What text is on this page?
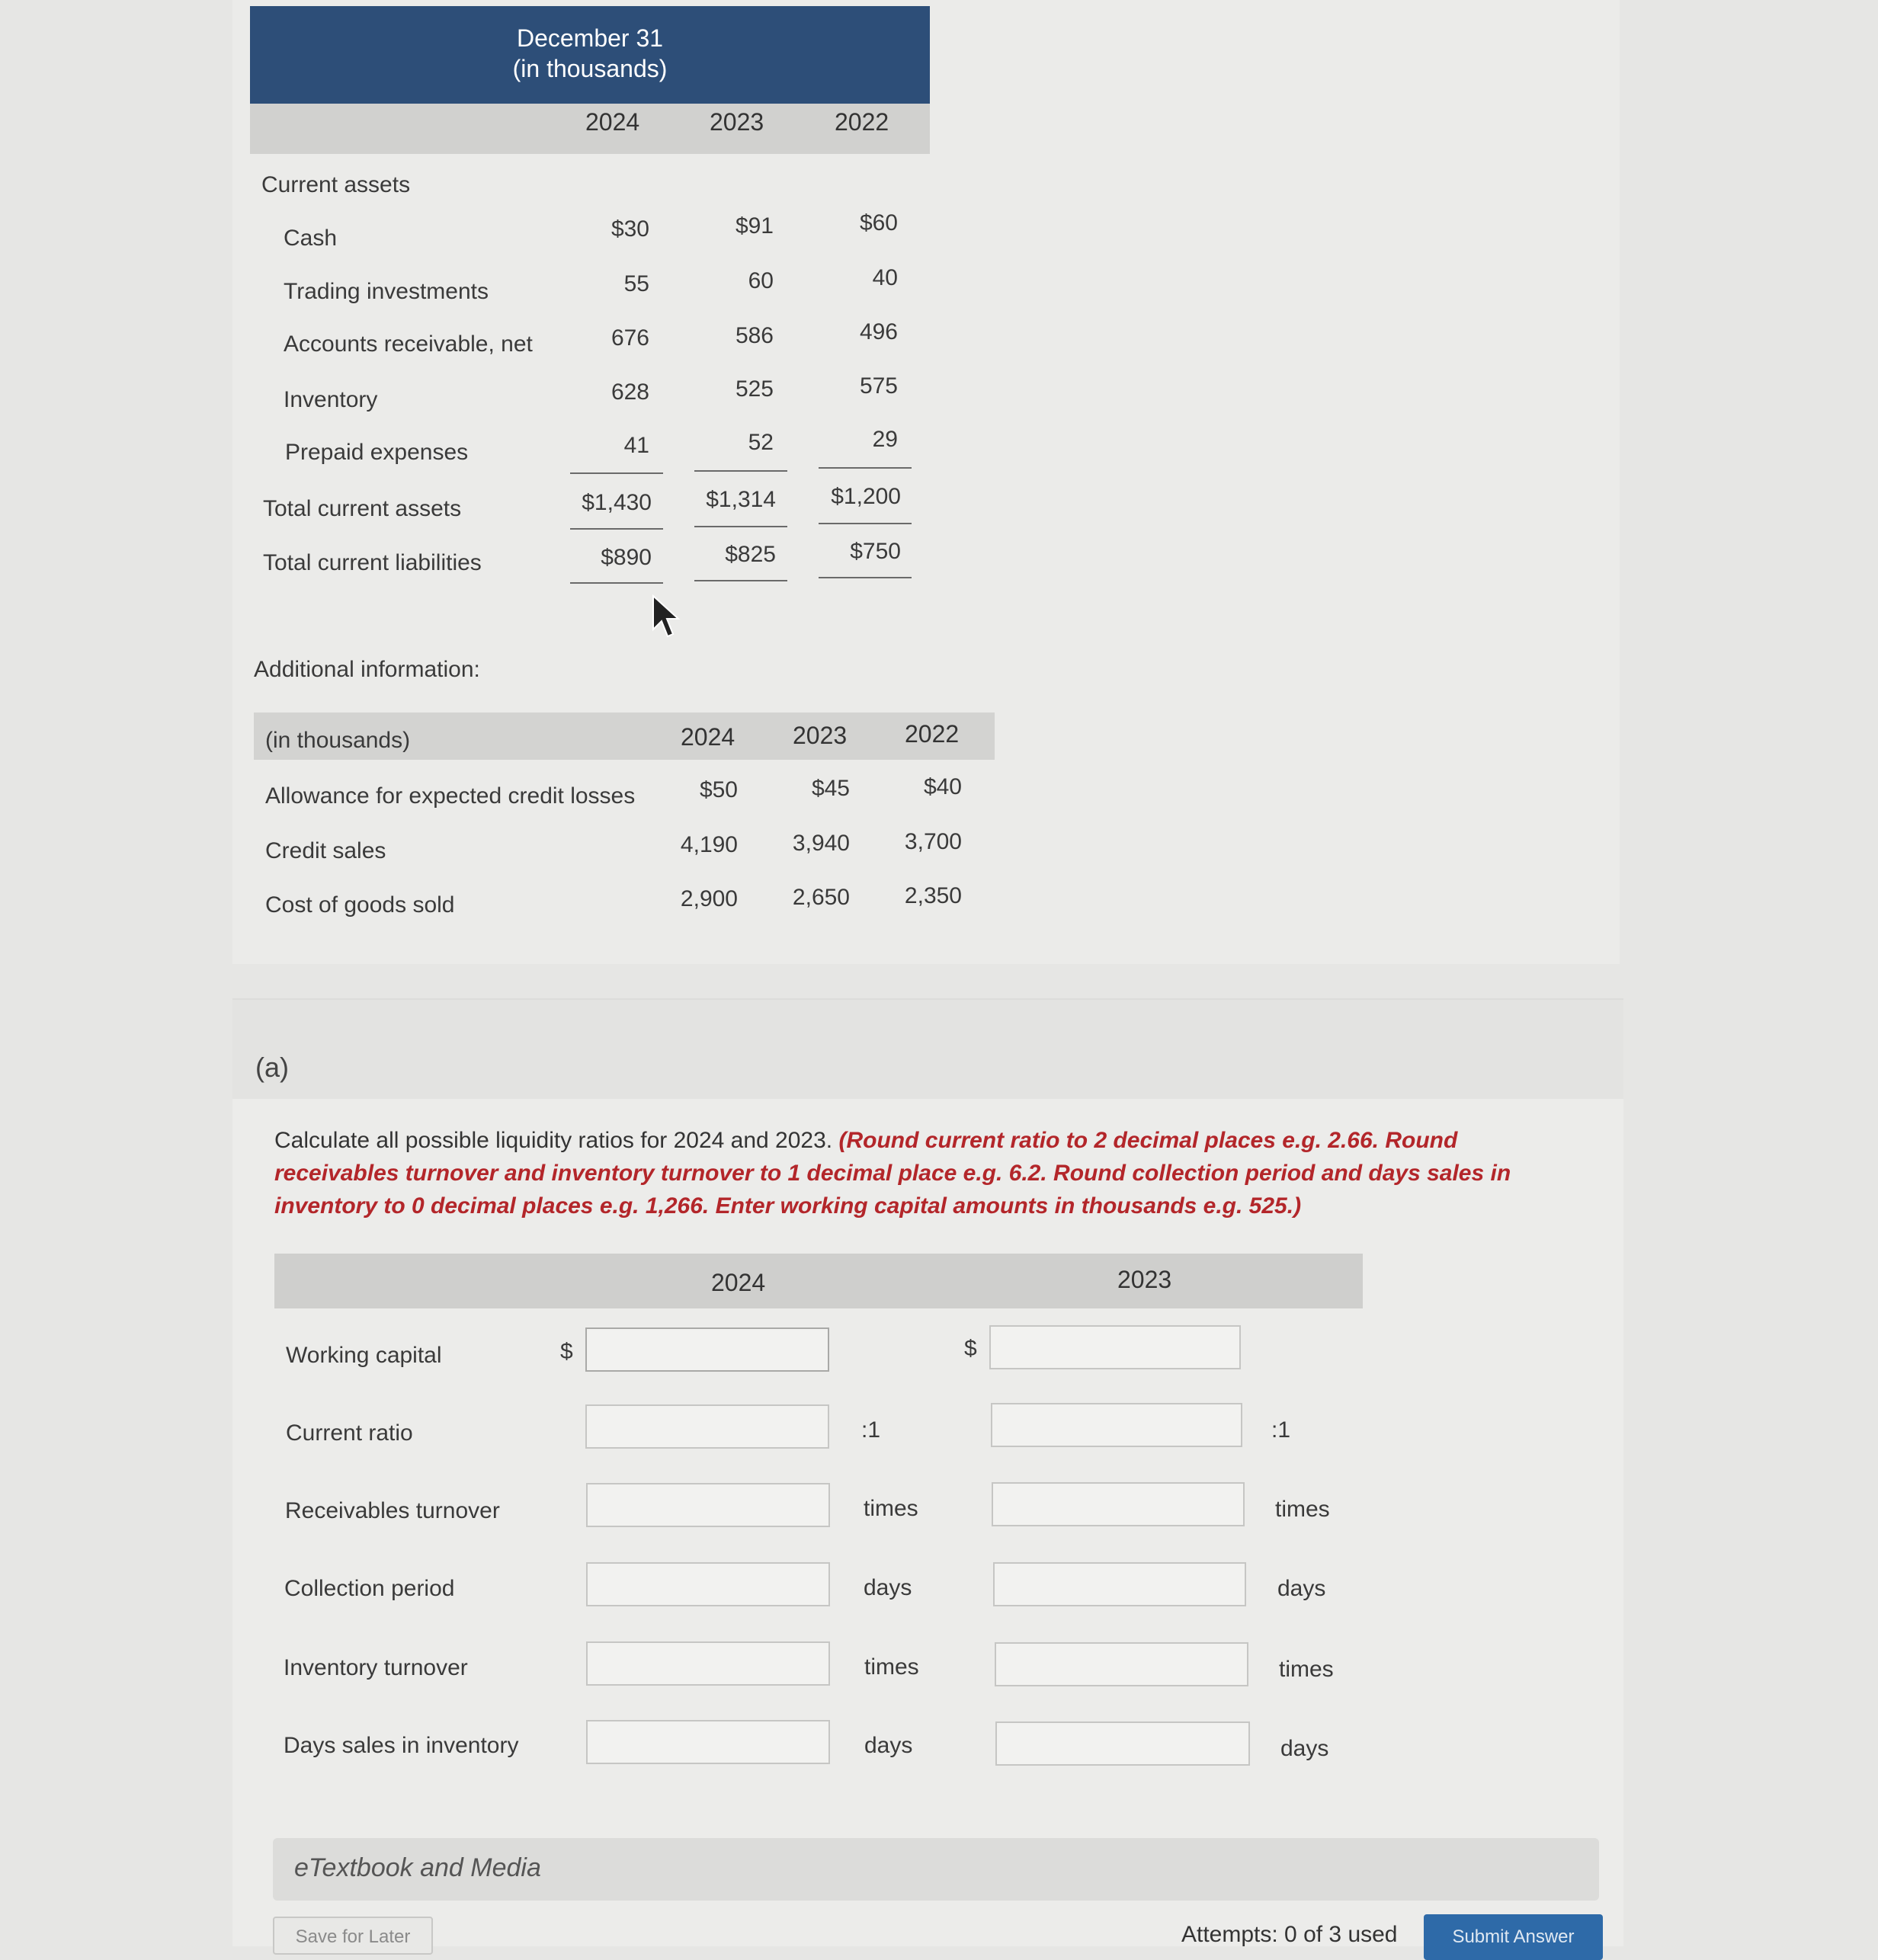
December 31
(in thousands)
2024	2023	2022
Current assets
Cash	$30	$91	$60
Trading investments	55	60	40
Accounts receivable, net	676	586	496
Inventory	628	525	575
Prepaid expenses	41	52	29
Total current assets	$1,430	$1,314	$1,200
Total current liabilities	$890	$825	$750
Additional information:
(in thousands)	2024 2023 2022
Allowance for expected credit losses	$50	$45	$40
Credit sales	4,190	3,940	3,700
Cost of goods sold	2,900	2,650	2,350
(a)
Calculate all possible liquidity ratios for 2024 and 2023. (Round current ratio to 2 decimal places e.g. 2.66. Round receivables turnover and inventory turnover to 1 decimal place e.g. 6.2. Round collection period and days sales in inventory to 0 decimal places e.g. 1,266. Enter working capital amounts in thousands e.g. 525.)
2024	2023
Working capital	$	$
Current ratio	:1	:1
Receivables turnover	times	times
Collection period	days	days
Inventory turnover	times	times
Days sales in inventory	days	days
eTextbook and Media
Save for Later	Attempts: 0 of 3 used	Submit Answer
